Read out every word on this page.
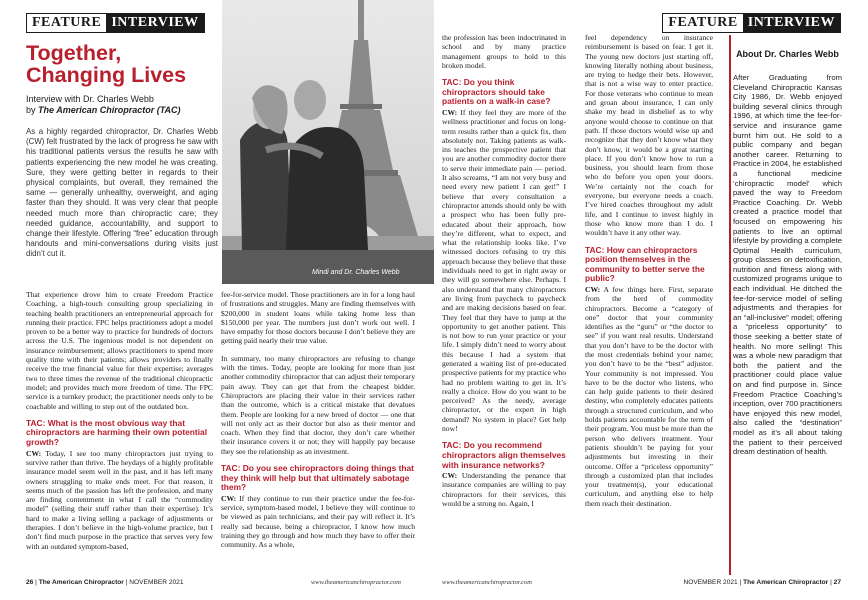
FEATURE INTERVIEW
Together, Changing Lives
Interview with Dr. Charles Webb
by The American Chiropractor (TAC)

As a highly regarded chiropractor, Dr. Charles Webb (CW) felt frustrated by the lack of progress he saw with his traditional patients versus the results he saw with patients experiencing the new model he was creating. Sure, they were getting better in regards to their physical complaints, but overall, they remained the same — generally unhealthy, overweight, and aging faster than they should. It was very clear that people needed much more than chiropractic care; they needed guidance, accountability, and support to change their lifestyle. Offering “free” education through handouts and mini-conversations during visits just didn’t cut it.

Mindi and Dr. Charles Webb

That experience drove him to create Freedom Practice Coaching, a high-touch consulting group specializing in teaching health practitioners an entrepreneurial approach for running their practice. FPC helps practitioners adopt a model proven to be a better way to practice for hundreds of doctors across the U.S. The ingenious model is not dependent on insurance reimbursement; allows practitioners to spend more quality time with their patients; allows providers to finally receive the true financial value for their expertise; averages two to three times the revenue of the traditional chiropractic model; and provides much more freedom of time. The FPC service is a turnkey product; the practitioner needs only to be coachable and willing to step out of the outdated box.

TAC: What is the most obvious way that chiropractors are harming their own potential growth?

CW: Today, I see too many chiropractors just trying to survive rather than thrive. The heydays of a highly profitable insurance model seem well in the past, and it has left many owners struggling to make ends meet. For that reason, it seems much of the passion has left the profession, and many are finding contentment in what I call the “commodity model” (selling their stuff rather than their expertise). It’s hard to make a living selling a package of adjustments or therapies. I don’t believe in the high-volume practice, but I don’t find much purpose in the practice that serves very few with an outdated symptom-based,

fee-for-service model. Those practitioners are in for a long haul of frustrations and struggles. Many are finding themselves with $200,000 in student loans while taking home less than $150,000 per year. The numbers just don’t work out well. I have empathy for those doctors because I don’t believe they are getting paid nearly their true value.

In summary, too many chiropractors are refusing to change with the times. Today, people are looking for more than just another commodity chiropractor that can adjust their temporary pain away. They can get that from the cheapest bidder. Chiropractors are placing their value in their services rather than the outcome, which is a critical mistake that devalues them. People are looking for a new breed of doctor — one that will not only act as their doctor but also as their mentor and coach. When they find that doctor, they don’t care whether their insurance covers it or not; they will happily pay because they see the relationship as an investment.

TAC: Do you see chiropractors doing things that they think will help but that ultimately sabotage them?

CW: If they continue to run their practice under the fee-for-service, symptom-based model, I believe they will continue to be viewed as pain technicians, and their pay will reflect it. It’s really sad because, being a chiropractor, I know how much training they go through and how much they have to offer their community. As a whole,

26 | The American Chiropractor | NOVEMBER 2021	www.theamericanchiropractor.com
FEATURE INTERVIEW

the profession has been indoctrinated in school and by many practice management groups to hold to this broken model.

TAC: Do you think chiropractors should take patients on a walk-in case?

CW: If they feel they are more of the wellness practitioner and focus on long-term results rather than a quick fix, then absolutely not. Taking patients as walk-ins teaches the prospective patient that you are another commodity doctor there to serve their immediate pain — period. It also screams, “I am not very busy and need every new patient I can get!” I believe that every consultation a chiropractor attends should only be with a prospect who has been fully pre-educated about their approach, how they’re different, what to expect, and what the relationship looks like. I’ve witnessed doctors refusing to try this approach because they believe that these individuals need to get in right away or they will go somewhere else. Perhaps. I also understand that many chiropractors are living from paycheck to paycheck and are making decisions based on fear. They feel that they have to jump at the opportunity to get another patient. This is not how to run your practice or your life. I simply didn’t need to worry about this because I had a system that generated a waiting list of pre-educated prospective patients for my practice who had no problem waiting to get in. It’s really a choice. How do you want to be perceived? As the needy, average chiropractor, or the expert in high demand? No system in place? Get help now!

TAC: Do you recommend chiropractors align themselves with insurance networks?

CW: Understanding the penance that insurance companies are willing to pay chiropractors for their services, this would be a strong no. Again, I

feel dependency on insurance reimbursement is based on fear. I get it. The young new doctors just starting off, knowing literally nothing about business, are trying to hedge their bets. However, that is not a wise way to enter practice. For those veterans who continue to mean and groan about insurance, I can only shake my head in disbelief as to why anyone would choose to continue on that path. If those doctors would wise up and recognize that they don’t know what they don’t know, it would be a great starting place. If you don’t know how to run a business, you should learn from those who do before you open your doors. We’re certainly not the coach for everyone, but everyone needs a coach. I’ve hired coaches throughout my adult life, and I continue to invest highly in those who know more than I do. I wouldn’t have it any other way.

TAC: How can chiropractors position themselves in the community to better serve the public?

CW: A few things here. First, separate from the herd of commodity chiropractors. Become a “category of one” doctor that your community identifies as the “guru” or “the doctor to see” if you want real results. Understand that you don’t have to be the doctor with the most credentials behind your name; you don’t have to be the “best” adjustor. Your community is not impressed. You have to be the doctor who listens, who can help guide patients to their desired destiny, who completely educates patients through a structured curriculum, and who holds patients accountable for the term of their program. You must be more than the person who delivers treatment. Your patients shouldn’t be paying for your adjustments but investing in their outcome. Offer a “priceless opportunity” through a customized plan that includes your treatment(s), your educational curriculum, and anything else to help them reach their destination.

About Dr. Charles Webb
After Graduating from Cleveland Chiropractic Kansas City 1986, Dr. Webb enjoyed building several clinics through 1996, at which time the fee-for-service and insurance game burnt him out. He sold to a public company and began another career. Returning to Practice in 2004, he established a functional medicine ‘chiropractic model’ which paved the way to Freedom Practice Coaching. Dr. Webb created a practice model that focused on empowering his patients to live an optimal lifestyle by providing a complete Optimal Health curriculum, group classes on detoxification, nutrition and fitness along with customized programs unique to each individual. He ditched the fee-for-service model of selling adjustments and therapies for an “all-inclusive” model; offering a “priceless opportunity” to those seeking a better state of health. No more selling! This was a whole new paradigm that both the patient and the practitioner could place value on and find purpose in. Since Freedom Practice Coaching’s inception, over 700 practitioners have enjoyed this new model, also called the “destination” model as it’s all about taking the patient to their perceived dream destination of health.
www.theamericanchiropractor.com	NOVEMBER 2021 | The American Chiropractor | 27
